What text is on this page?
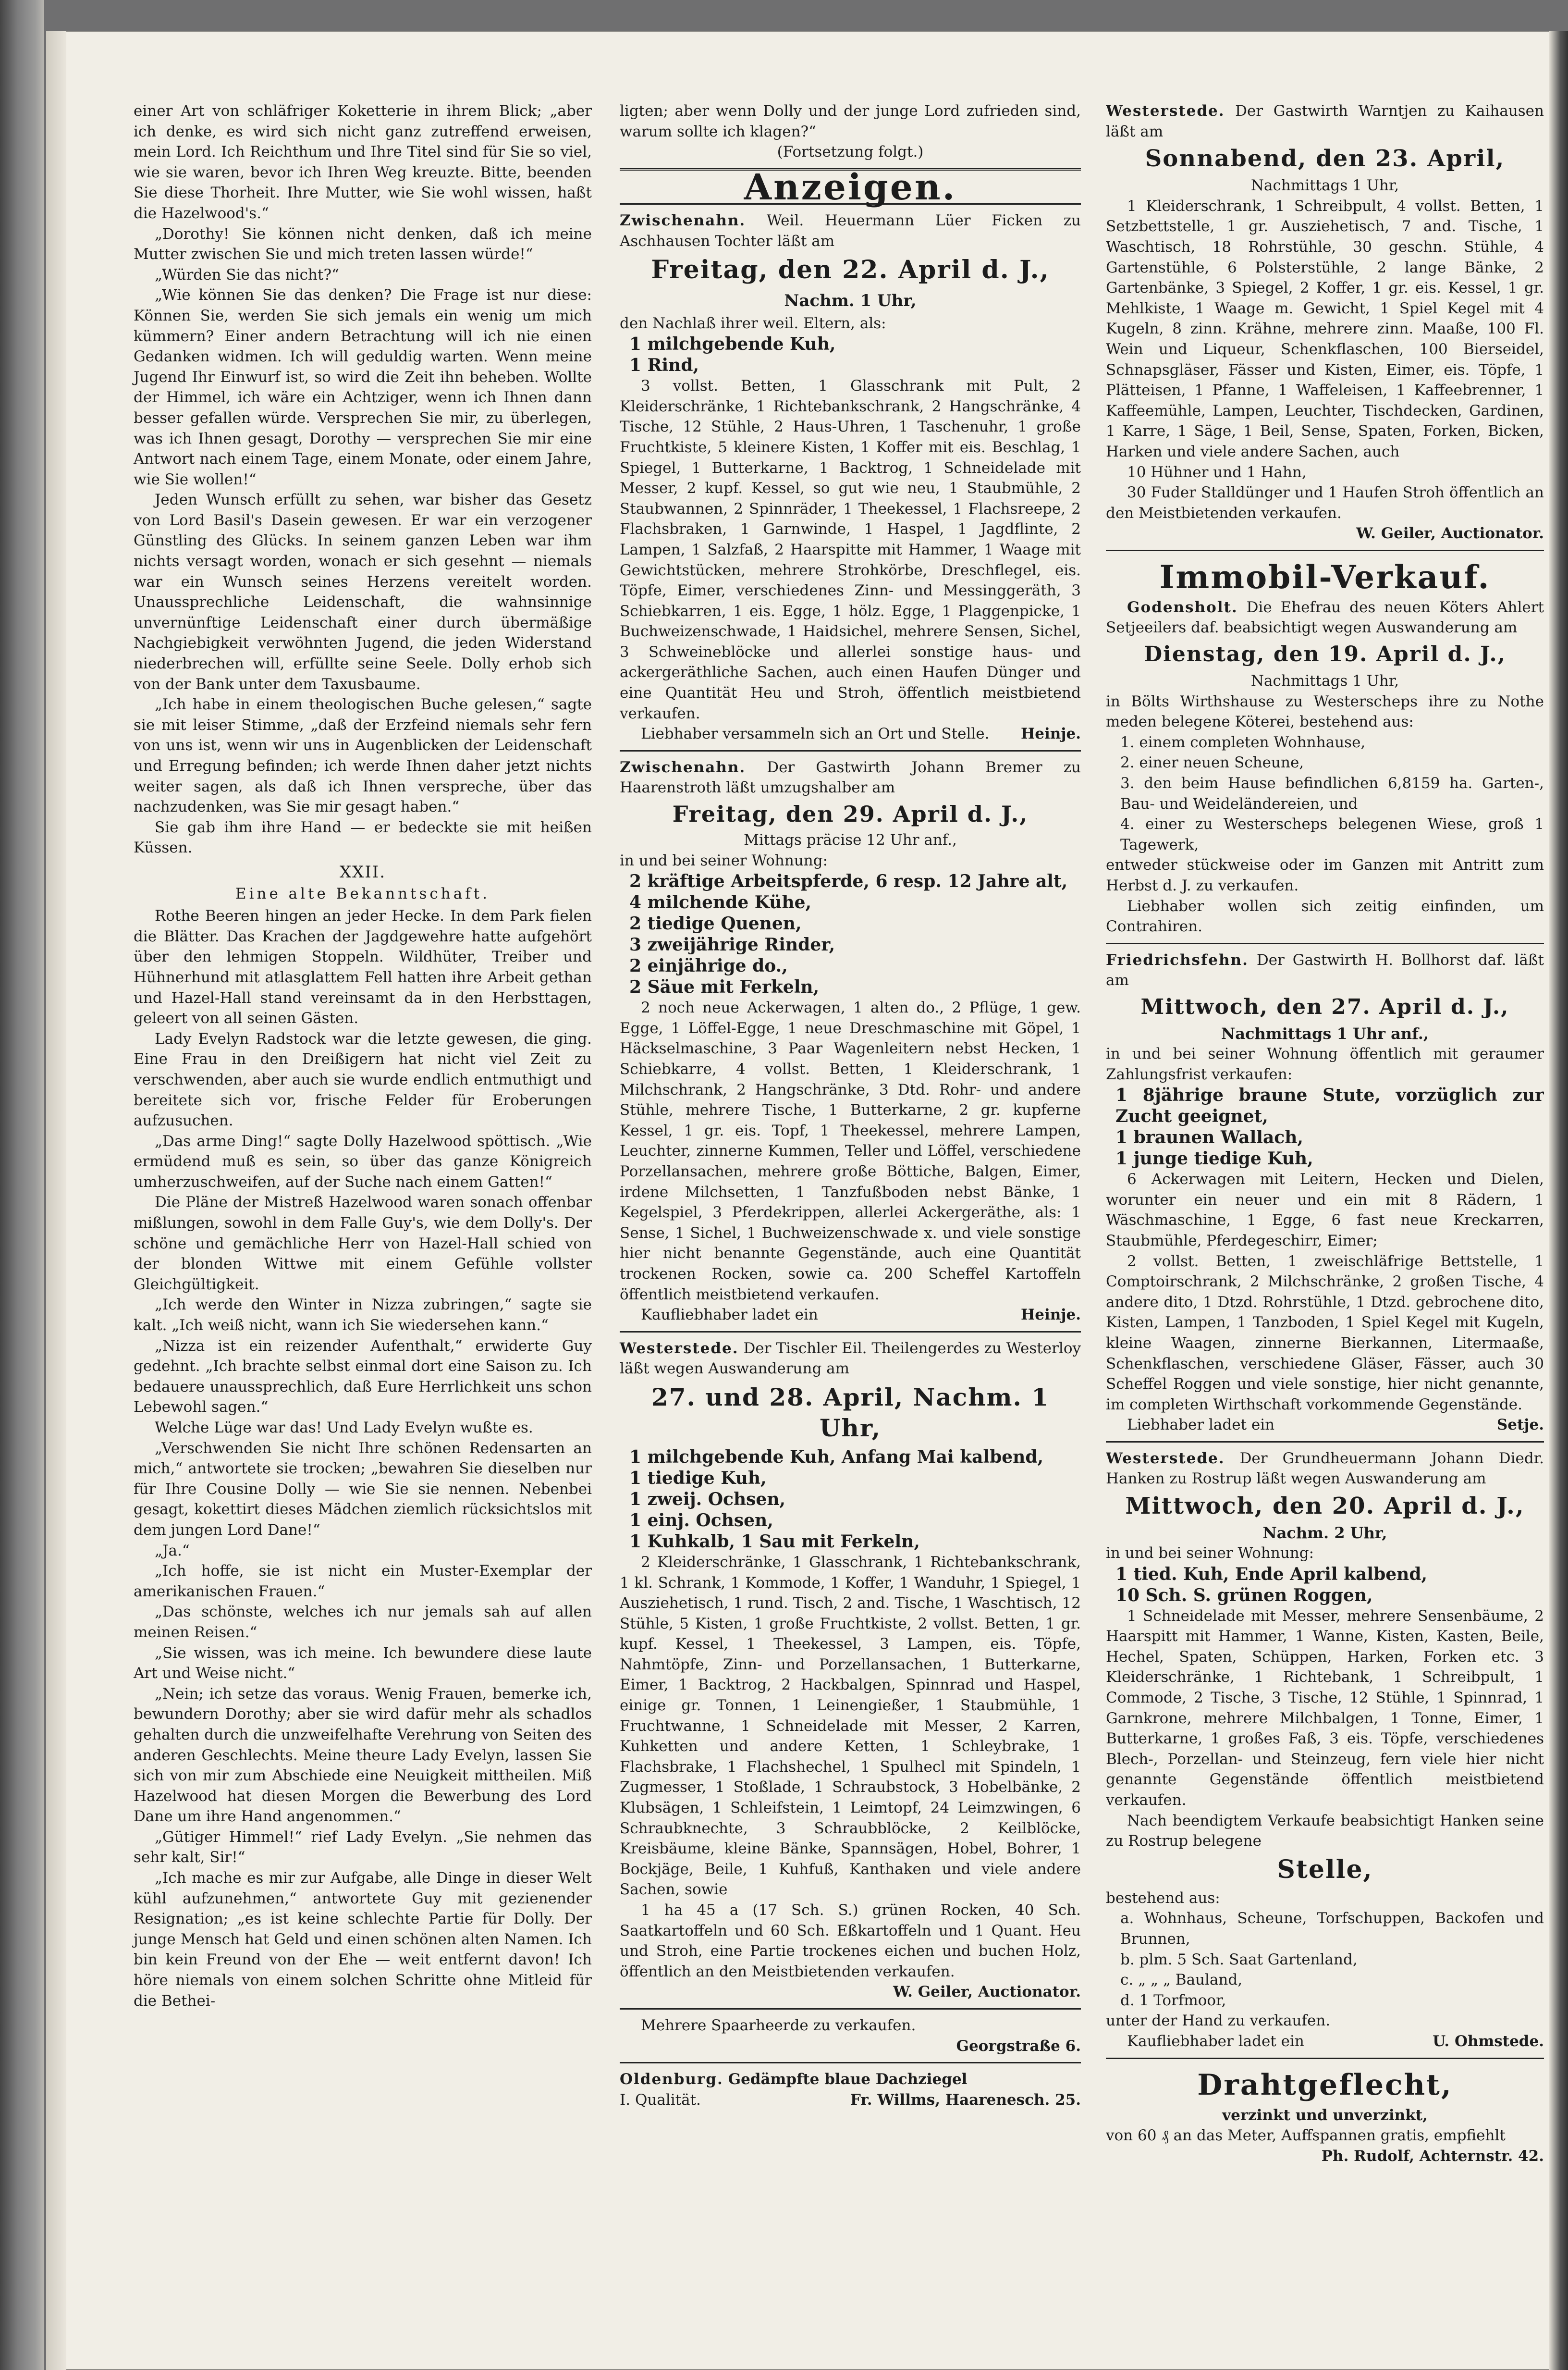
einer Art von schläfriger Koketterie in ihrem Blick; „aber ich denke, es wird sich nicht ganz zutreffend erweisen, mein Lord. Ich Reichthum und Ihre Titel sind für Sie so viel, wie sie waren, bevor ich Ihren Weg kreuzte. Bitte, beenden Sie diese Thorheit. Ihre Mutter, wie Sie wohl wissen, haßt die Hazelwood's.“

„Dorothy! Sie können nicht denken, daß ich meine Mutter zwischen Sie und mich treten lassen würde!“

„Würden Sie das nicht?“

„Wie können Sie das denken? Die Frage ist nur diese: Können Sie, werden Sie sich jemals ein wenig um mich kümmern? Einer andern Betrachtung will ich nie einen Gedanken widmen. Ich will geduldig warten. Wenn meine Jugend Ihr Einwurf ist, so wird die Zeit ihn beheben. Wollte der Himmel, ich wäre ein Achtziger, wenn ich Ihnen dann besser gefallen würde. Versprechen Sie mir, zu überlegen, was ich Ihnen gesagt, Dorothy — versprechen Sie mir eine Antwort nach einem Tage, einem Monate, oder einem Jahre, wie Sie wollen!“

Jeden Wunsch erfüllt zu sehen, war bisher das Gesetz von Lord Basil's Dasein gewesen. Er war ein verzogener Günstling des Glücks. In seinem ganzen Leben war ihm nichts versagt worden, wonach er sich gesehnt — niemals war ein Wunsch seines Herzens vereitelt worden. Unaussprechliche Leidenschaft, die wahnsinnige unvernünftige Leidenschaft einer durch übermäßige Nachgiebigkeit verwöhnten Jugend, die jeden Widerstand niederbrechen will, erfüllte seine Seele. Dolly erhob sich von der Bank unter dem Taxusbaume.

„Ich habe in einem theologischen Buche gelesen,“ sagte sie mit leiser Stimme, „daß der Erzfeind niemals sehr fern von uns ist, wenn wir uns in Augenblicken der Leidenschaft und Erregung befinden; ich werde Ihnen daher jetzt nichts weiter sagen, als daß ich Ihnen verspreche, über das nachzudenken, was Sie mir gesagt haben.“

Sie gab ihm ihre Hand — er bedeckte sie mit heißen Küssen.

XXII.
Eine alte Bekanntschaft.

Rothe Beeren hingen an jeder Hecke. In dem Park fielen die Blätter. Das Krachen der Jagdgewehre hatte aufgehört über den lehmigen Stoppeln. Wildhüter, Treiber und Hühnerhund mit atlasglattem Fell hatten ihre Arbeit gethan und Hazel-Hall stand vereinsamt da in den Herbsttagen, geleert von all seinen Gästen.

Lady Evelyn Radstock war die letzte gewesen, die ging. Eine Frau in den Dreißigern hat nicht viel Zeit zu verschwenden, aber auch sie wurde endlich entmuthigt und bereitete sich vor, frische Felder für Eroberungen aufzusuchen.

„Das arme Ding!“ sagte Dolly Hazelwood spöttisch. „Wie ermüdend muß es sein, so über das ganze Königreich umherzuschweifen, auf der Suche nach einem Gatten!“

Die Pläne der Mistreß Hazelwood waren sonach offenbar mißlungen, sowohl in dem Falle Guy's, wie dem Dolly's. Der schöne und gemächliche Herr von Hazel-Hall schied von der blonden Wittwe mit einem Gefühle vollster Gleichgültigkeit.

„Ich werde den Winter in Nizza zubringen,“ sagte sie kalt. „Ich weiß nicht, wann ich Sie wiedersehen kann.“

„Nizza ist ein reizender Aufenthalt,“ erwiderte Guy gedehnt. „Ich brachte selbst einmal dort eine Saison zu. Ich bedauere unaussprechlich, daß Eure Herrlichkeit uns schon Lebewohl sagen.“

Welche Lüge war das! Und Lady Evelyn wußte es.

„Verschwenden Sie nicht Ihre schönen Redensarten an mich,“ antwortete sie trocken; „bewahren Sie dieselben nur für Ihre Cousine Dolly — wie Sie sie nennen. Nebenbei gesagt, kokettirt dieses Mädchen ziemlich rücksichtslos mit dem jungen Lord Dane!“

„Ja.“

„Ich hoffe, sie ist nicht ein Muster-Exemplar der amerikanischen Frauen.“

„Das schönste, welches ich nur jemals sah auf allen meinen Reisen.“

„Sie wissen, was ich meine. Ich bewundere diese laute Art und Weise nicht.“

„Nein; ich setze das voraus. Wenig Frauen, bemerke ich, bewundern Dorothy; aber sie wird dafür mehr als schadlos gehalten durch die unzweifelhafte Verehrung von Seiten des anderen Geschlechts. Meine theure Lady Evelyn, lassen Sie sich von mir zum Abschiede eine Neuigkeit mittheilen. Miß Hazelwood hat diesen Morgen die Bewerbung des Lord Dane um ihre Hand angenommen.“

„Gütiger Himmel!“ rief Lady Evelyn. „Sie nehmen das sehr kalt, Sir!“

„Ich mache es mir zur Aufgabe, alle Dinge in dieser Welt kühl aufzunehmen,“ antwortete Guy mit gezienender Resignation; „es ist keine schlechte Partie für Dolly. Der junge Mensch hat Geld und einen schönen alten Namen. Ich bin kein Freund von der Ehe — weit entfernt davon! Ich höre niemals von einem solchen Schritte ohne Mitleid für die Bethei-

ligten; aber wenn Dolly und der junge Lord zufrieden sind, warum sollte ich klagen?“

(Fortsetzung folgt.)
Anzeigen.

Zwischenahn. Weil. Heuermann Lüer Ficken zu Aschhausen Tochter läßt am

Freitag, den 22. April d. J.,
Nachm. 1 Uhr,

den Nachlaß ihrer weil. Eltern, als:

1 milchgebende Kuh,
1 Rind,

3 vollst. Betten, 1 Glasschrank mit Pult, 2 Kleiderschränke, 1 Richtebankschrank, 2 Hangschränke, 4 Tische, 12 Stühle, 2 Haus-Uhren, 1 Taschenuhr, 1 große Fruchtkiste, 5 kleinere Kisten, 1 Koffer mit eis. Beschlag, 1 Spiegel, 1 Butterkarne, 1 Backtrog, 1 Schneidelade mit Messer, 2 kupf. Kessel, so gut wie neu, 1 Staubmühle, 2 Staubwannen, 2 Spinnräder, 1 Theekessel, 1 Flachsreepe, 2 Flachsbraken, 1 Garnwinde, 1 Haspel, 1 Jagdflinte, 2 Lampen, 1 Salzfaß, 2 Haarspitte mit Hammer, 1 Waage mit Gewichtstücken, mehrere Strohkörbe, Dreschflegel, eis. Töpfe, Eimer, verschiedenes Zinn- und Messinggeräth, 3 Schiebkarren, 1 eis. Egge, 1 hölz. Egge, 1 Plaggenpicke, 1 Buchweizenschwade, 1 Haidsichel, mehrere Sensen, Sichel, 3 Schweineblöcke und allerlei sonstige haus- und ackergeräthliche Sachen, auch einen Haufen Dünger und eine Quantität Heu und Stroh, öffentlich meistbietend verkaufen.

Liebhaber versammeln sich an Ort und Stelle. Heinje.

Zwischenahn. Der Gastwirth Johann Bremer zu Haarenstroth läßt umzugshalber am

Freitag, den 29. April d. J.,
Mittags präcise 12 Uhr anf.,

in und bei seiner Wohnung:

2 kräftige Arbeitspferde, 6 resp. 12 Jahre alt,
4 milchende Kühe,
2 tiedige Quenen,
3 zweijährige Rinder,
2 einjährige do.,
2 Säue mit Ferkeln,

2 noch neue Ackerwagen, 1 alten do., 2 Pflüge, 1 gew. Egge, 1 Löffel-Egge, 1 neue Dreschmaschine mit Göpel, 1 Häckselmaschine, 3 Paar Wagenleitern nebst Hecken, 1 Schiebkarre, 4 vollst. Betten, 1 Kleiderschrank, 1 Milchschrank, 2 Hangschränke, 3 Dtd. Rohr- und andere Stühle, mehrere Tische, 1 Butterkarne, 2 gr. kupferne Kessel, 1 gr. eis. Topf, 1 Theekessel, mehrere Lampen, Leuchter, zinnerne Kummen, Teller und Löffel, verschiedene Porzellansachen, mehrere große Böttiche, Balgen, Eimer, irdene Milchsetten, 1 Tanzfußboden nebst Bänke, 1 Kegelspiel, 3 Pferdekrippen, allerlei Ackergeräthe, als: 1 Sense, 1 Sichel, 1 Buchweizenschwade x. und viele sonstige hier nicht benannte Gegenstände, auch eine Quantität trockenen Rocken, sowie ca. 200 Scheffel Kartoffeln öffentlich meistbietend verkaufen.

Kaufliebhaber ladet ein	Heinje.

Westerstede. Der Tischler Eil. Theilengerdes zu Westerloy läßt wegen Auswanderung am

27. und 28. April, Nachm. 1 Uhr,
1 milchgebende Kuh, Anfang Mai kalbend,
1 tiedige Kuh,
1 zweij. Ochsen,
1 einj. Ochsen,
1 Kuhkalb, 1 Sau mit Ferkeln,

2 Kleiderschränke, 1 Glasschrank, 1 Richtebankschrank, 1 kl. Schrank, 1 Kommode, 1 Koffer, 1 Wanduhr, 1 Spiegel, 1 Ausziehetisch, 1 rund. Tisch, 2 and. Tische, 1 Waschtisch, 12 Stühle, 5 Kisten, 1 große Fruchtkiste, 2 vollst. Betten, 1 gr. kupf. Kessel, 1 Theekessel, 3 Lampen, eis. Töpfe, Nahmtöpfe, Zinn- und Porzellansachen, 1 Butterkarne, Eimer, 1 Backtrog, 2 Hackbalgen, Spinnrad und Haspel, einige gr. Tonnen, 1 Leinengießer, 1 Staubmühle, 1 Fruchtwanne, 1 Schneidelade mit Messer, 2 Karren, Kuhketten und andere Ketten, 1 Schleybrake, 1 Flachsbrake, 1 Flachshechel, 1 Spulhecl mit Spindeln, 1 Zugmesser, 1 Stoßlade, 1 Schraubstock, 3 Hobelbänke, 2 Klubsägen, 1 Schleifstein, 1 Leimtopf, 24 Leimzwingen, 6 Schraubknechte, 3 Schraubblöcke, 2 Keilblöcke, Kreisbäume, kleine Bänke, Spannsägen, Hobel, Bohrer, 1 Bockjäge, Beile, 1 Kuhfuß, Kanthaken und viele andere Sachen, sowie

1 ha 45 a (17 Sch. S.) grünen Rocken, 40 Sch. Saatkartoffeln und 60 Sch. Eßkartoffeln und 1 Quant. Heu und Stroh, eine Partie trockenes eichen und buchen Holz, öffentlich an den Meistbietenden verkaufen.

W. Geiler, Auctionator.

Mehrere Spaarheerde zu verkaufen.

Georgstraße 6.

Oldenburg. Gedämpfte blaue Dachziegel

I. Qualität.	Fr. Willms, Haarenesch. 25.

Westerstede. Der Gastwirth Warntjen zu Kaihausen läßt am

Sonnabend, den 23. April,
Nachmittags 1 Uhr,

1 Kleiderschrank, 1 Schreibpult, 4 vollst. Betten, 1 Setzbettstelle, 1 gr. Ausziehetisch, 7 and. Tische, 1 Waschtisch, 18 Rohrstühle, 30 geschn. Stühle, 4 Gartenstühle, 6 Polsterstühle, 2 lange Bänke, 2 Gartenbänke, 3 Spiegel, 2 Koffer, 1 gr. eis. Kessel, 1 gr. Mehlkiste, 1 Waage m. Gewicht, 1 Spiel Kegel mit 4 Kugeln, 8 zinn. Krähne, mehrere zinn. Maaße, 100 Fl. Wein und Liqueur, Schenkflaschen, 100 Bierseidel, Schnapsgläser, Fässer und Kisten, Eimer, eis. Töpfe, 1 Plätteisen, 1 Pfanne, 1 Waffeleisen, 1 Kaffeebrenner, 1 Kaffeemühle, Lampen, Leuchter, Tischdecken, Gardinen, 1 Karre, 1 Säge, 1 Beil, Sense, Spaten, Forken, Bicken, Harken und viele andere Sachen, auch

10 Hühner und 1 Hahn,

30 Fuder Stalldünger und 1 Haufen Stroh öffentlich an den Meistbietenden verkaufen.

W. Geiler, Auctionator.
Immobil-Verkauf.

Godensholt. Die Ehefrau des neuen Köters Ahlert Setjeeilers daf. beabsichtigt wegen Auswanderung am

Dienstag, den 19. April d. J.,
Nachmittags 1 Uhr,

in Bölts Wirthshause zu Westerscheps ihre zu Nothe meden belegene Köterei, bestehend aus:

1. einem completen Wohnhause,
2. einer neuen Scheune,
3. den beim Hause befindlichen 6,8159 ha. Garten-, Bau- und Weideländereien, und
4. einer zu Westerscheps belegenen Wiese, groß 1 Tagewerk,

entweder stückweise oder im Ganzen mit Antritt zum Herbst d. J. zu verkaufen.

Liebhaber wollen sich zeitig einfinden, um Contrahiren.

Friedrichsfehn. Der Gastwirth H. Bollhorst daf. läßt am

Mittwoch, den 27. April d. J.,
Nachmittags 1 Uhr anf.,

in und bei seiner Wohnung öffentlich mit geraumer Zahlungsfrist verkaufen:

1 8jährige braune Stute, vorzüglich zur Zucht geeignet,
1 braunen Wallach,
1 junge tiedige Kuh,

6 Ackerwagen mit Leitern, Hecken und Dielen, worunter ein neuer und ein mit 8 Rädern, 1 Wäschmaschine, 1 Egge, 6 fast neue Kreckarren, Staubmühle, Pferdegeschirr, Eimer;

2 vollst. Betten, 1 zweischläfrige Bettstelle, 1 Comptoirschrank, 2 Milchschränke, 2 großen Tische, 4 andere dito, 1 Dtzd. Rohrstühle, 1 Dtzd. gebrochene dito, Kisten, Lampen, 1 Tanzboden, 1 Spiel Kegel mit Kugeln, kleine Waagen, zinnerne Bierkannen, Litermaaße, Schenkflaschen, verschiedene Gläser, Fässer, auch 30 Scheffel Roggen und viele sonstige, hier nicht genannte, im completen Wirthschaft vorkommende Gegenstände.

Liebhaber ladet ein	Setje.

Westerstede. Der Grundheuermann Johann Diedr. Hanken zu Rostrup läßt wegen Auswanderung am

Mittwoch, den 20. April d. J.,
Nachm. 2 Uhr,

in und bei seiner Wohnung:

1 tied. Kuh, Ende April kalbend,
10 Sch. S. grünen Roggen,

1 Schneidelade mit Messer, mehrere Sensenbäume, 2 Haarspitt mit Hammer, 1 Wanne, Kisten, Kasten, Beile, Hechel, Spaten, Schüppen, Harken, Forken etc. 3 Kleiderschränke, 1 Richtebank, 1 Schreibpult, 1 Commode, 2 Tische, 3 Tische, 12 Stühle, 1 Spinnrad, 1 Garnkrone, mehrere Milchbalgen, 1 Tonne, Eimer, 1 Butterkarne, 1 großes Faß, 3 eis. Töpfe, verschiedenes Blech-, Porzellan- und Steinzeug, fern viele hier nicht genannte Gegenstände öffentlich meistbietend verkaufen.

Nach beendigtem Verkaufe beabsichtigt Hanken seine zu Rostrup belegene

Stelle,

bestehend aus:

a. Wohnhaus, Scheune, Torfschuppen, Backofen und Brunnen,
b. plm. 5 Sch. Saat Gartenland,
c. „ „ „ Bauland,
d. 1 Torfmoor,

unter der Hand zu verkaufen.

Kaufliebhaber ladet ein	U. Ohmstede.
Drahtgeflecht,
verzinkt und unverzinkt,

von 60 ₰ an das Meter, Auffspannen gratis, empfiehlt

Ph. Rudolf, Achternstr. 42.
